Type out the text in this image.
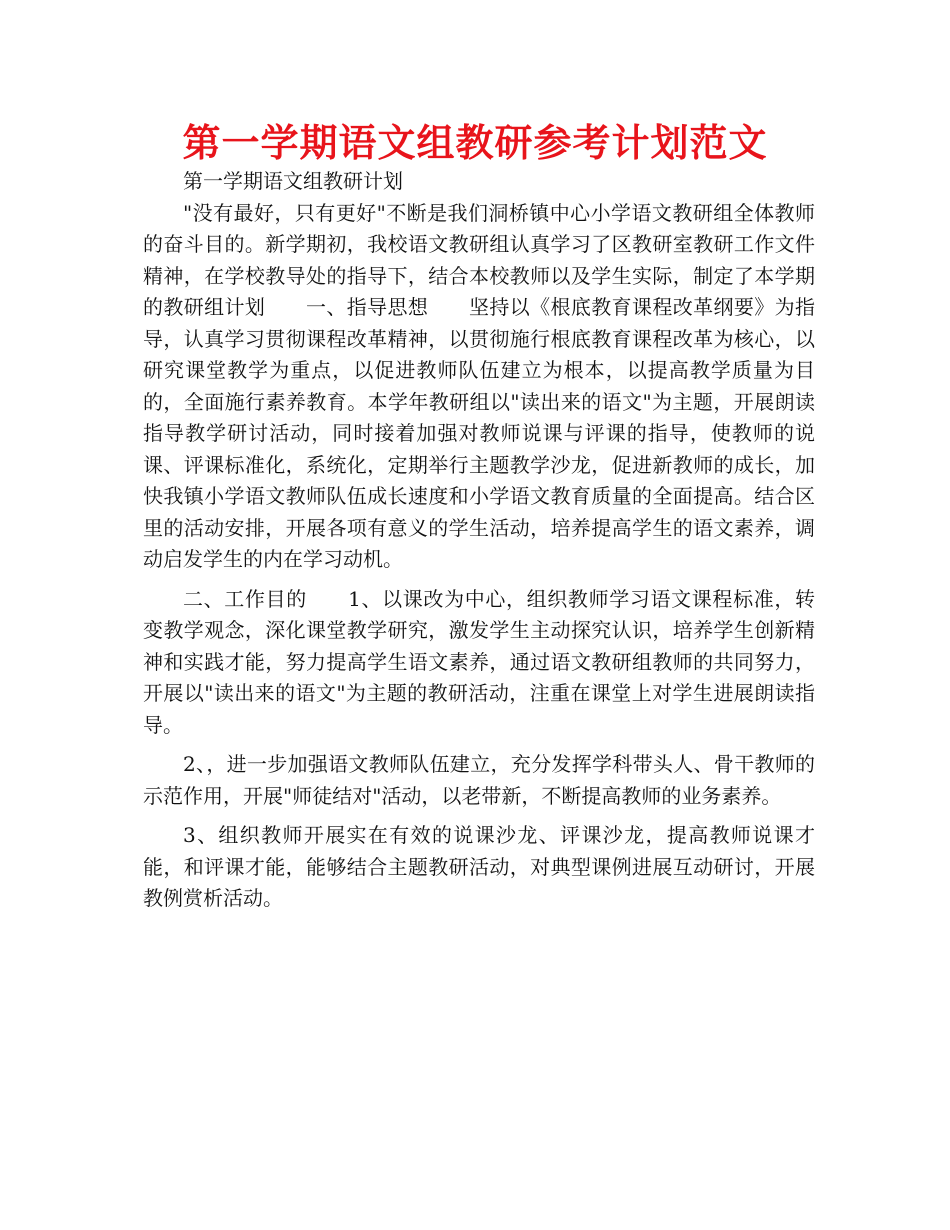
第一学期语文组教研参考计划范文

第一学期语文组教研计划

"没有最好，只有更好"不断是我们洞桥镇中心小学语文教研组全体教师的奋斗目的。新学期初，我校语文教研组认真学习了区教研室教研工作文件精神，在学校教导处的指导下，结合本校教师以及学生实际，制定了本学期的教研组计划　　一、指导思想　　坚持以《根底教育课程改革纲要》为指导，认真学习贯彻课程改革精神，以贯彻施行根底教育课程改革为核心，以研究课堂教学为重点，以促进教师队伍建立为根本，以提高教学质量为目的，全面施行素养教育。本学年教研组以"读出来的语文"为主题，开展朗读指导教学研讨活动，同时接着加强对教师说课与评课的指导，使教师的说课、评课标准化，系统化，定期举行主题教学沙龙，促进新教师的成长，加快我镇小学语文教师队伍成长速度和小学语文教育质量的全面提高。结合区里的活动安排，开展各项有意义的学生活动，培养提高学生的语文素养，调动启发学生的内在学习动机。

二、工作目的　　1、以课改为中心，组织教师学习语文课程标准，转变教学观念，深化课堂教学研究，激发学生主动探究认识，培养学生创新精神和实践才能，努力提高学生语文素养，通过语文教研组教师的共同努力，开展以"读出来的语文"为主题的教研活动，注重在课堂上对学生进展朗读指导。

2、，进一步加强语文教师队伍建立，充分发挥学科带头人、骨干教师的示范作用，开展"师徒结对"活动，以老带新，不断提高教师的业务素养。

3、组织教师开展实在有效的说课沙龙、评课沙龙，提高教师说课才能，和评课才能，能够结合主题教研活动，对典型课例进展互动研讨，开展教例赏析活动。
